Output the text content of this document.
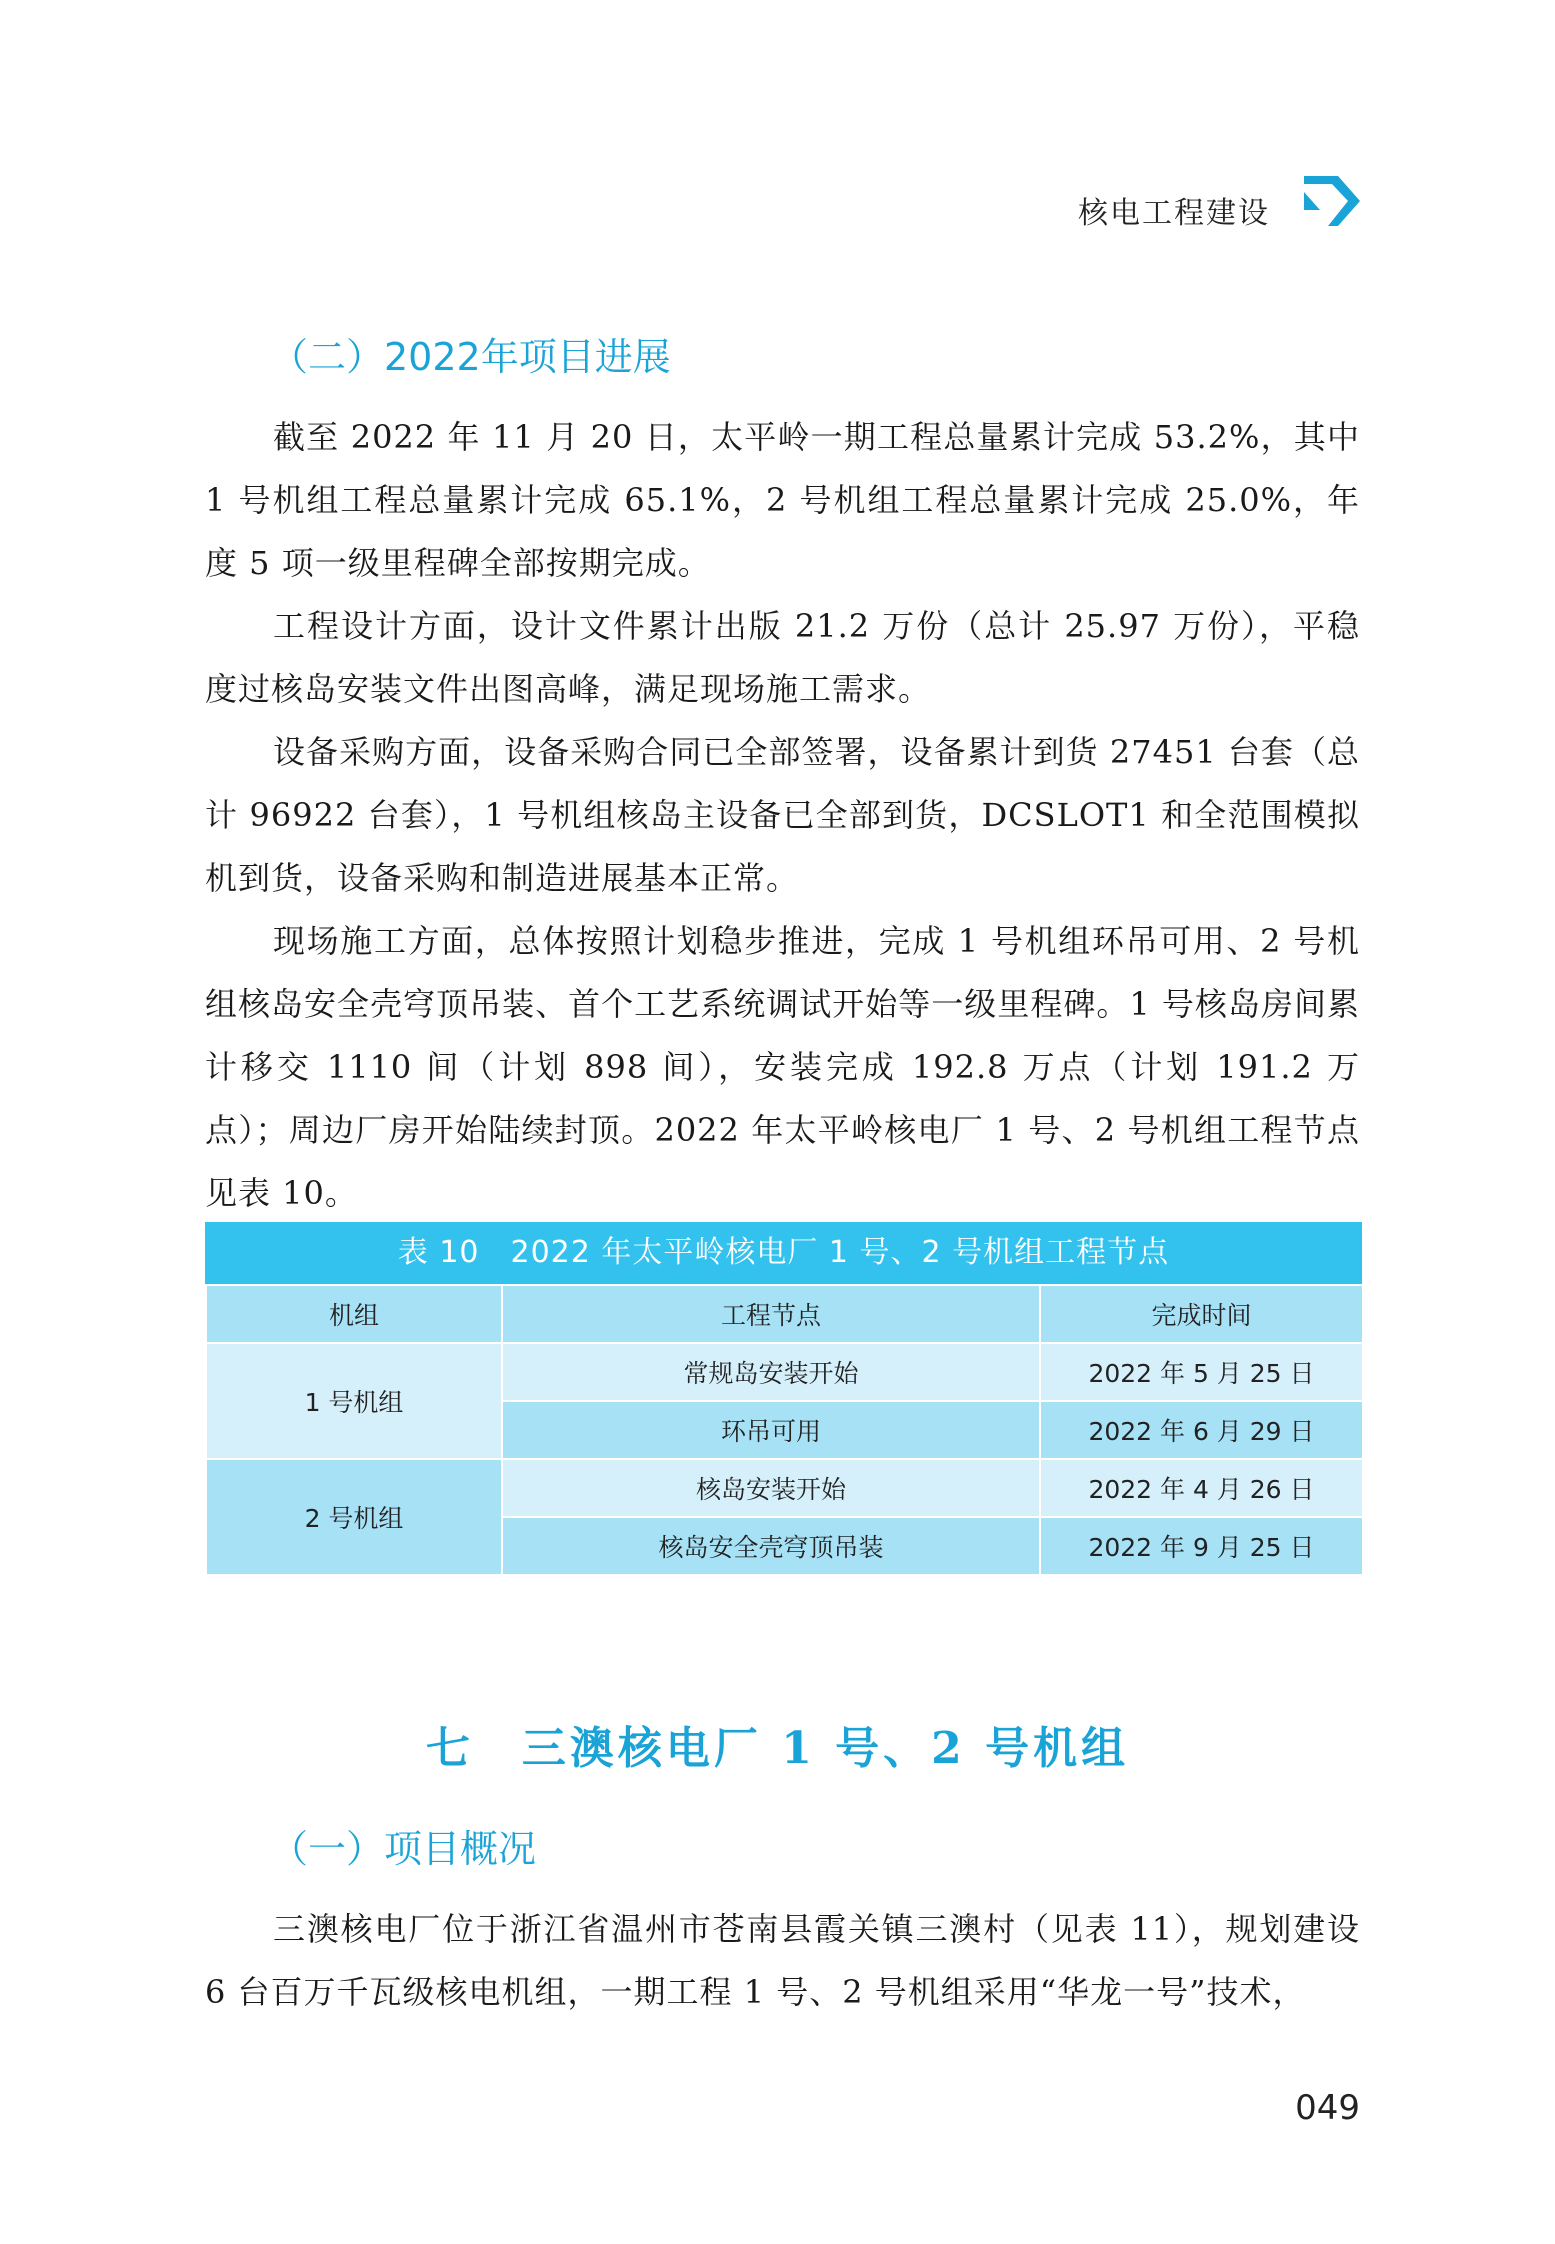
核电工程建设
（二）2022年项目进展

截至 2022 年 11 月 20 日，太平岭一期工程总量累计完成 53.2%，其中 1 号机组工程总量累计完成 65.1%，2 号机组工程总量累计完成 25.0%，年度 5 项一级里程碑全部按期完成。

工程设计方面，设计文件累计出版 21.2 万份（总计 25.97 万份），平稳度过核岛安装文件出图高峰，满足现场施工需求。

设备采购方面，设备采购合同已全部签署，设备累计到货 27451 台套（总计 96922 台套），1 号机组核岛主设备已全部到货，DCSLOT1 和全范围模拟机到货，设备采购和制造进展基本正常。

现场施工方面，总体按照计划稳步推进，完成 1 号机组环吊可用、2 号机组核岛安全壳穹顶吊装、首个工艺系统调试开始等一级里程碑。1 号核岛房间累计移交 1110 间（计划 898 间），安装完成 192.8 万点（计划 191.2 万点）；周边厂房开始陆续封顶。2022 年太平岭核电厂 1 号、2 号机组工程节点见表 10。

表 10　2022 年太平岭核电厂 1 号、2 号机组工程节点
机组	工程节点	完成时间
1 号机组	常规岛安装开始	2022 年 5 月 25 日
	环吊可用	2022 年 6 月 29 日
2 号机组	核岛安装开始	2022 年 4 月 26 日
	核岛安全壳穹顶吊装	2022 年 9 月 25 日
七　三澳核电厂 1 号、2 号机组
（一）项目概况

三澳核电厂位于浙江省温州市苍南县霞关镇三澳村（见表 11），规划建设 6 台百万千瓦级核电机组，一期工程 1 号、2 号机组采用“华龙一号”技术，

049
